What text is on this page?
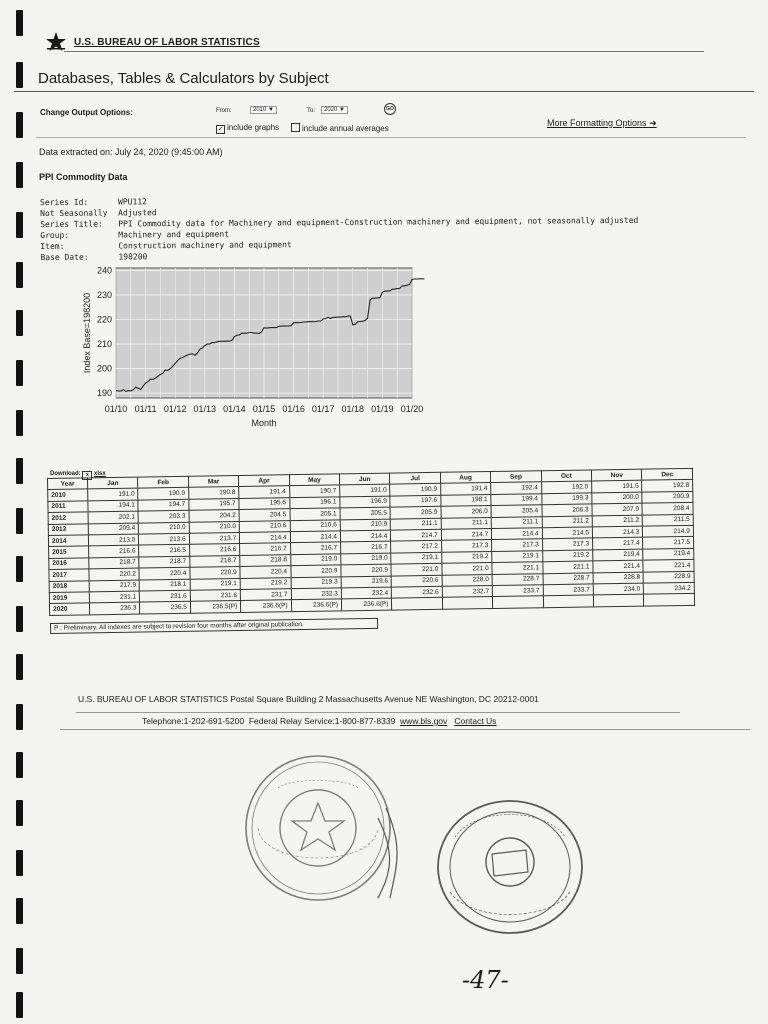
U.S. BUREAU OF LABOR STATISTICS
Databases, Tables & Calculators by Subject
Change Output Options:	From:	2010 ▼	To:	2020 ▼	GO
✓ include graphs	include annual averages
More Formatting Options ➜
Data extracted on: July 24, 2020 (9:45:00 AM)
PPI Commodity Data
Series Id:	WPU112
Not Seasonally Adjusted
Series Title: PPI Commodity data for Machinery and equipment-Construction machinery and equipment, not seasonally adjusted
Group:	Machinery and equipment
Item:	Construction machinery and equipment
Base Date:	198200
190
200
210
220
230
240
01/10 01/11 01/12 01/13 01/14 01/15 01/16 01/17 01/18 01/19 01/20
Month
Index Base=198200
Download: x xlsx
Year	Jan	Feb	Mar	Apr	May	Jun	Jul	Aug	Sep	Oct	Nov	Dec
2010	191.0	190.9	190.8	191.4	190.7	191.0	190.9	191.4	192.4	192.0	191.5	192.8
2011	194.1	194.7	195.7	195.6	196.1	196.9	197.6	198.1	199.4	199.3	200.0	200.9
2012	202.1	203.3	204.2	204.5	205.1	205.5	205.9	206.0	205.4	206.3	207.9	208.4
2013	209.4	210.0	210.0	210.6	210.6	210.9	211.1	211.1	211.1	211.2	211.2	211.5
2014	213.0	213.6	213.7	214.4	214.4	214.4	214.7	214.7	214.4	214.5	214.3	214.9
2015	216.6	216.5	216.6	216.7	216.7	216.7	217.2	217.3	217.3	217.3	217.4	217.5
2016	218.7	218.7	218.7	218.8	219.0	219.0	219.1	219.2	219.1	219.2	219.4	219.4
2017	220.2	220.4	220.9	220.4	220.9	220.9	221.0	221.0	221.1	221.1	221.4	221.4
2018	217.9	218.1	219.1	219.2	219.3	219.6	220.6	228.0	228.7	228.7	228.8	228.9
2019	231.1	231.6	231.6	231.7	232.3	232.4	232.6	232.7	233.7	233.7	234.0	234.2
2020	236.3	236.5	236.5(P)	236.6(P)	236.6(P)	236.6(P)						
P : Preliminary. All indexes are subject to revision four months after original publication.
U.S. BUREAU OF LABOR STATISTICS Postal Square Building 2 Massachusetts Avenue NE Washington, DC 20212-0001
Telephone:1-202-691-5200 Federal Relay Service:1-800-877-8339 www.bls.gov Contact Us
-47-
